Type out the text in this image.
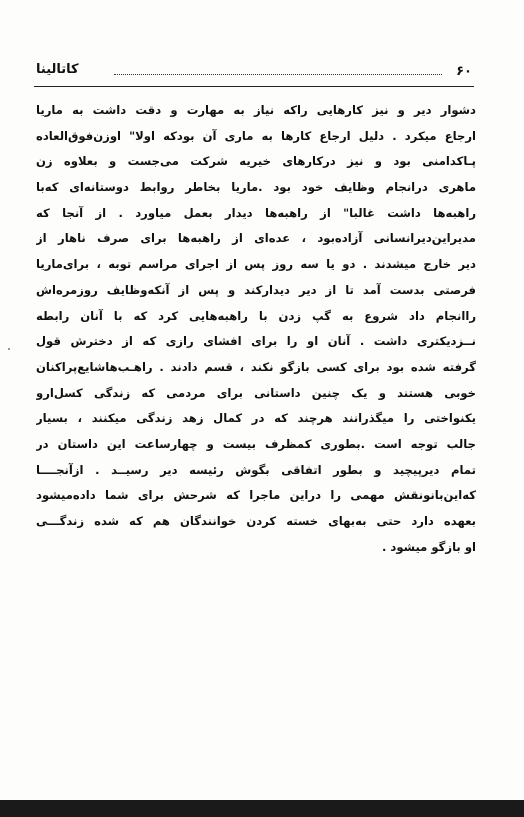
۶۰
کاتالینا
دشوار دیر و نیز کارهایی راکه نیاز به مهارت و دقت داشت به ماریا
ارجاع میکرد . دلیل ارجاع کارها به ماری آن بودکه اولا" اوزن‌فوق‌العاده
پـاکدامنی بود و نیز درکارهای خیریه شرکت می‌جست و بعلاوه زن
ماهری درانجام وظایف خود بود .ماریا بخاطر روابط دوستانه‌ای که‌با
راهبه‌ها داشت غالبا" از راهبه‌ها دیدار بعمل میاورد . از آنجا که
مدیراین‌دیرانسانی آزاده‌بود ، عده‌ای از راهبه‌ها برای صرف ناهار از
دیر خارج میشدند . دو یا سه روز پس از اجرای مراسم توبه ، برای‌ماریا
فرصتی بدست آمد تا از دیر دیدارکند و پس از آنکه‌وظایف روزمره‌اش
راانجام داد شروع به گپ زدن با راهبه‌هایی کرد که با آنان رابطه
نــزدیکتری داشت . آنان او را برای افشای رازی که از دخترش قول
گرفته شده بود برای کسی بازگو نکند ، قسم دادند . راهـب‌هاشایع‌پراکنان
خوبی هستند و یک چنین داستانی برای مردمی که زندگی کسل‌ارو
یکنواختی را میگذرانند هرچند که در کمال زهد زندگی میکنند ، بسیار
جالب توجه است .بطوری کمظرف بیست و چهارساعت این داستان در
تمام دیرپیچید و بطور اتفاقی بگوش رئیسه دیر رسیــد . ازآنجــــا
که‌این‌بانونقش مهمی را دراین ماجرا که شرحش برای شما داده‌میشود
بعهده دارد حتی به‌بهای خسته کردن خوانندگان هم که شده زندگـــی
او بازگو میشود .
